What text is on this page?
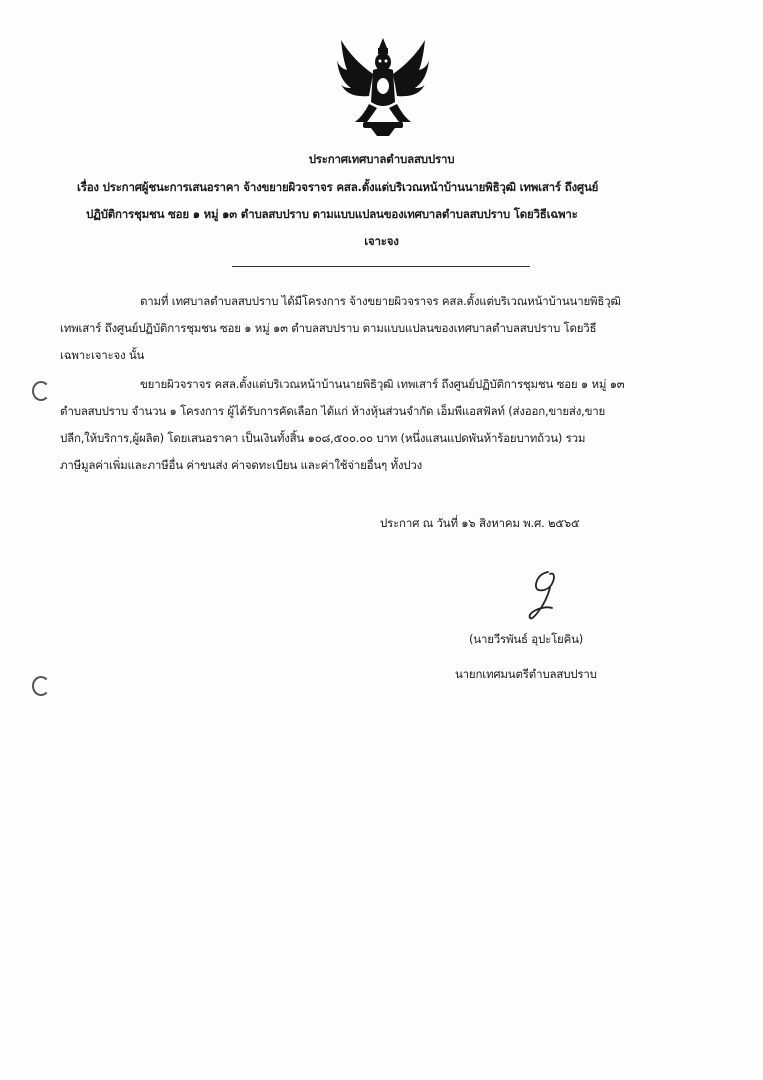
ประกาศเทศบาลตำบลสบปราบ
เรื่อง ประกาศผู้ชนะการเสนอราคา จ้างขยายผิวจราจร คสล.ตั้งแต่บริเวณหน้าบ้านนายพิธิวุฒิ เทพเสาร์ ถึงศูนย์
ปฏิบัติการชุมชน ซอย ๑ หมู่ ๑๓ ตำบลสบปราบ ตามแบบแปลนของเทศบาลตำบลสบปราบ โดยวิธีเฉพาะ
เจาะจง
ตามที่ เทศบาลตำบลสบปราบ ได้มีโครงการ จ้างขยายผิวจราจร คสล.ตั้งแต่บริเวณหน้าบ้านนายพิธิวุฒิ
เทพเสาร์ ถึงศูนย์ปฏิบัติการชุมชน ซอย ๑ หมู่ ๑๓ ตำบลสบปราบ ตามแบบแปลนของเทศบาลตำบลสบปราบ โดยวิธี
เฉพาะเจาะจง นั้น
ขยายผิวจราจร คสล.ตั้งแต่บริเวณหน้าบ้านนายพิธิวุฒิ เทพเสาร์ ถึงศูนย์ปฏิบัติการชุมชน ซอย ๑ หมู่ ๑๓
ตำบลสบปราบ จำนวน ๑ โครงการ ผู้ได้รับการคัดเลือก ได้แก่ ห้างหุ้นส่วนจำกัด เอ็มพีแอสฟัลท์ (ส่งออก,ขายส่ง,ขาย
ปลีก,ให้บริการ,ผู้ผลิต) โดยเสนอราคา เป็นเงินทั้งสิ้น ๑๐๘,๕๐๐.๐๐ บาท (หนึ่งแสนแปดพันห้าร้อยบาทถ้วน) รวม
ภาษีมูลค่าเพิ่มและภาษีอื่น ค่าขนส่ง ค่าจดทะเบียน และค่าใช้จ่ายอื่นๆ ทั้งปวง
ประกาศ ณ วันที่ ๑๖ สิงหาคม พ.ศ. ๒๕๖๕
(นายวีรพันธ์ อุปะโยคิน)
นายกเทศมนตรีตำบลสบปราบ
